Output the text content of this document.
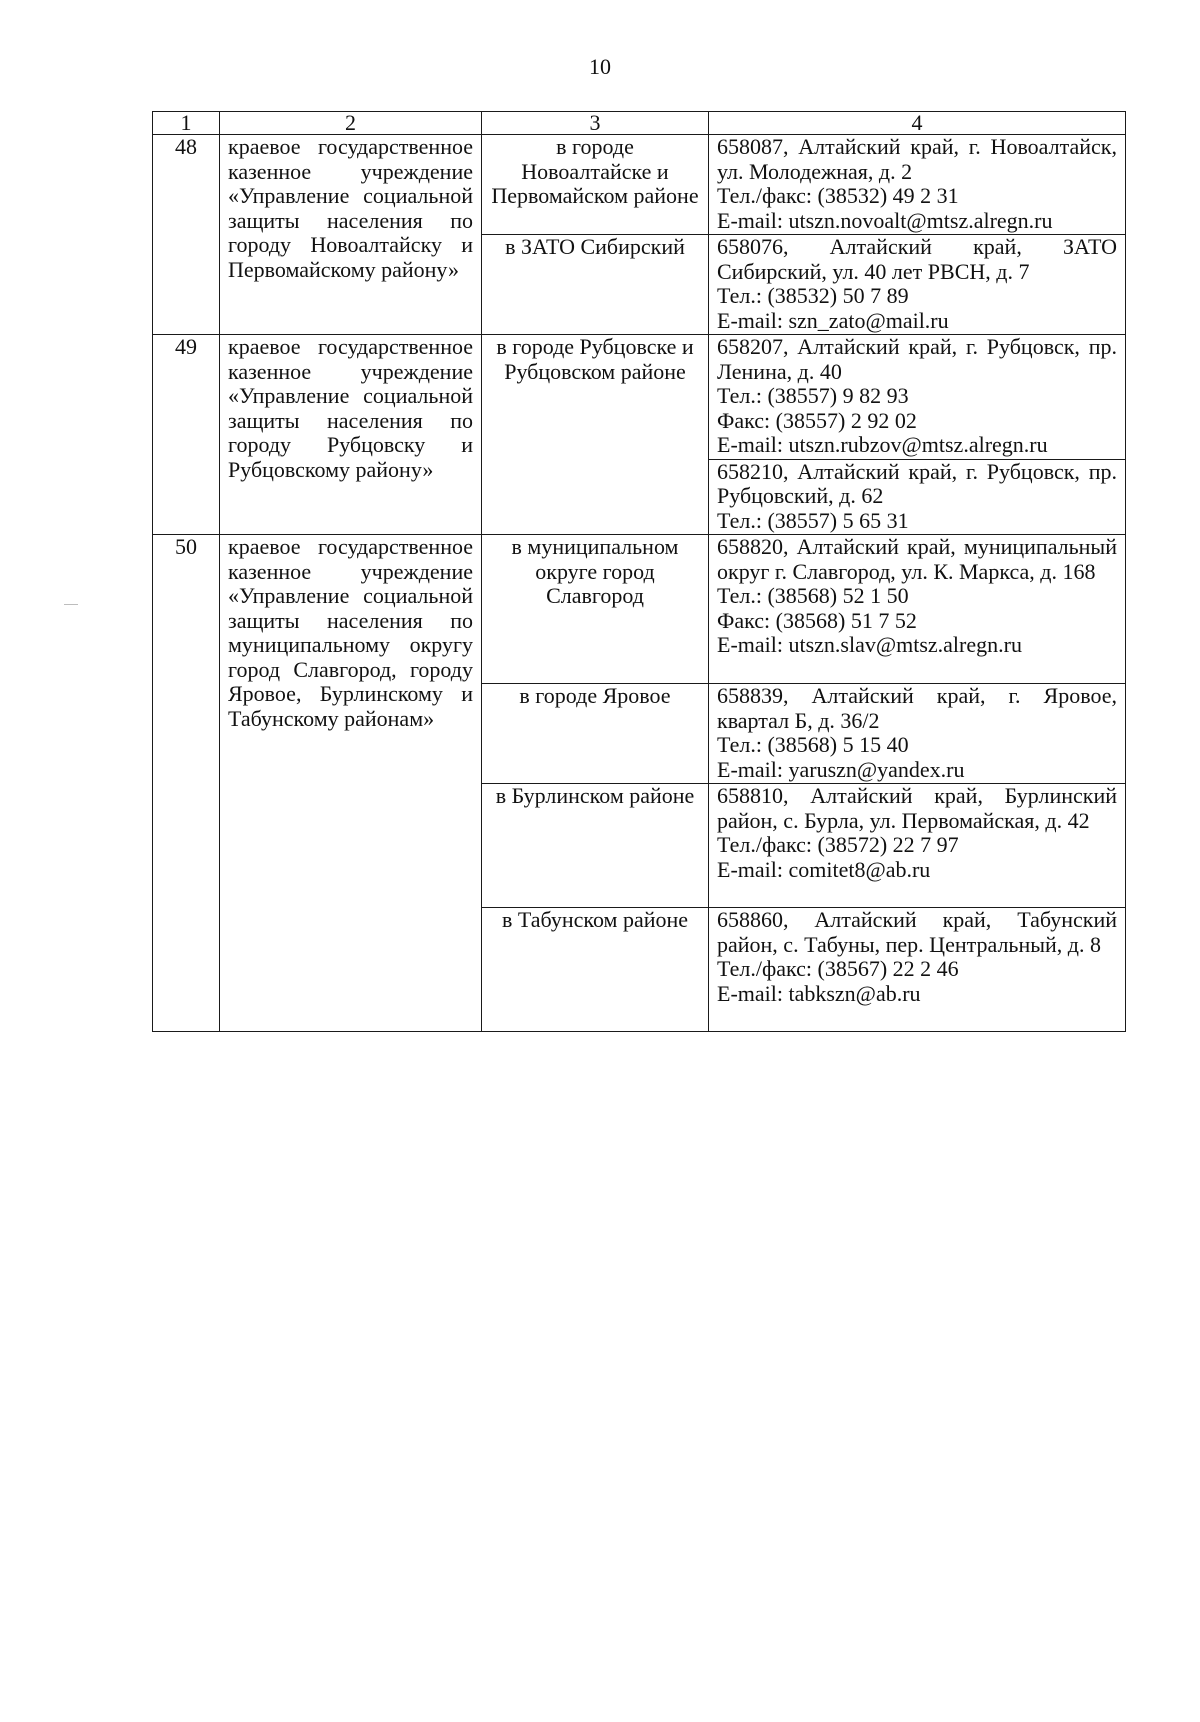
10
1	2	3	4
48	краевое государственное казенное учреждение «Управление социальной защиты населения по городу Новоалтайску и Первомайскому району»	в городе Новоалтайске и Первомайском районе	658087, Алтайский край, г. Новоалтайск, ул. Молодежная, д. 2
Тел./факс: (38532) 49 2 31
E-mail: utszn.novoalt@mtsz.alregn.ru

		в ЗАТО Сибирский	658076, Алтайский край, ЗАТО Сибирский, ул. 40 лет РВСН, д. 7
Тел.: (38532) 50 7 89
E-mail: szn_zato@mail.ru

49	краевое государственное казенное учреждение «Управление социальной защиты населения по городу Рубцовску и Рубцовскому району»	в городе Рубцовске и Рубцовском районе	658207, Алтайский край, г. Рубцовск, пр. Ленина, д. 40
Тел.: (38557) 9 82 93
Факс: (38557) 2 92 02
E-mail: utszn.rubzov@mtsz.alregn.ru

			658210, Алтайский край, г. Рубцовск, пр. Рубцовский, д. 62
Тел.: (38557) 5 65 31

50	краевое государственное казенное учреждение «Управление социальной защиты населения по муниципальному округу город Славгород, городу Яровое, Бурлинскому и Табунскому районам»	в муниципальном округе город Славгород	658820, Алтайский край, муниципальный округ г. Славгород, ул. К. Маркса, д. 168
Тел.: (38568) 52 1 50
Факс: (38568) 51 7 52
E-mail: utszn.slav@mtsz.alregn.ru

		в городе Яровое	658839, Алтайский край, г. Яровое, квартал Б, д. 36/2
Тел.: (38568) 5 15 40
E-mail: yaruszn@yandex.ru

		в Бурлинском районе	658810, Алтайский край, Бурлинский район, с. Бурла, ул. Первомайская, д. 42
Тел./факс: (38572) 22 7 97
E-mail: comitet8@ab.ru

		в Табунском районе	658860, Алтайский край, Табунский район, с. Табуны, пер. Центральный, д. 8
Тел./факс: (38567) 22 2 46
E-mail: tabkszn@ab.ru
